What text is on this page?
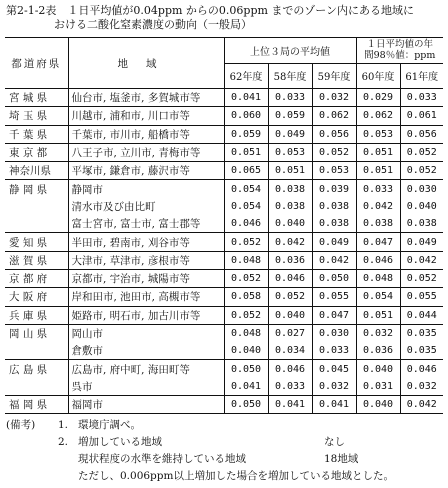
第2-1-2表　１日平均値が0.04ppm からの0.06ppm までのゾーン内にある地域に
おける二酸化窒素濃度の動向（一般局）
都道府県	地域	上位３局の平均値			１日平均値の年
間98％値：ppm	
		62年度	58年度	59年度	60年度	61年度
宮 城 県	仙台市, 塩釜市, 多賀城市等	0.041	0.033	0.032	0.029	0.033
埼 玉 県	川越市, 浦和市, 川口市等	0.060	0.059	0.062	0.062	0.061
千 葉 県	千葉市, 市川市, 船橋市等	0.059	0.049	0.056	0.053	0.056
東 京 都	八王子市, 立川市, 青梅市等	0.051	0.053	0.052	0.051	0.052
神奈川県	平塚市, 鎌倉市, 藤沢市等	0.065	0.051	0.053	0.051	0.052
静 岡 県	静岡市	0.054	0.038	0.039	0.033	0.030
	清水市及び由比町	0.054	0.038	0.038	0.042	0.040
	富士宮市, 富士市, 富士郡等	0.046	0.040	0.038	0.038	0.038
愛 知 県	半田市, 碧南市, 刈谷市等	0.052	0.042	0.049	0.047	0.049
滋 賀 県	大津市, 草津市, 彦根市等	0.048	0.036	0.042	0.046	0.042
京 都 府	京都市, 宇治市, 城陽市等	0.052	0.046	0.050	0.048	0.052
大 阪 府	岸和田市, 池田市, 高槻市等	0.058	0.052	0.055	0.054	0.055
兵 庫 県	姫路市, 明石市, 加古川市等	0.052	0.040	0.047	0.051	0.044
岡 山 県	岡山市	0.048	0.027	0.030	0.032	0.035
	倉敷市	0.040	0.034	0.033	0.036	0.035
広 島 県	広島市, 府中町, 海田町等	0.050	0.046	0.045	0.040	0.046
	呉市	0.041	0.033	0.032	0.031	0.032
福 岡 県	福岡市	0.050	0.041	0.041	0.040	0.042
(備考) 1. 環境庁調べ。
2. 増加している地域	なし
現状程度の水準を維持している地域	18地域
ただし、0.006ppm以上増加した場合を増加している地域とした。
